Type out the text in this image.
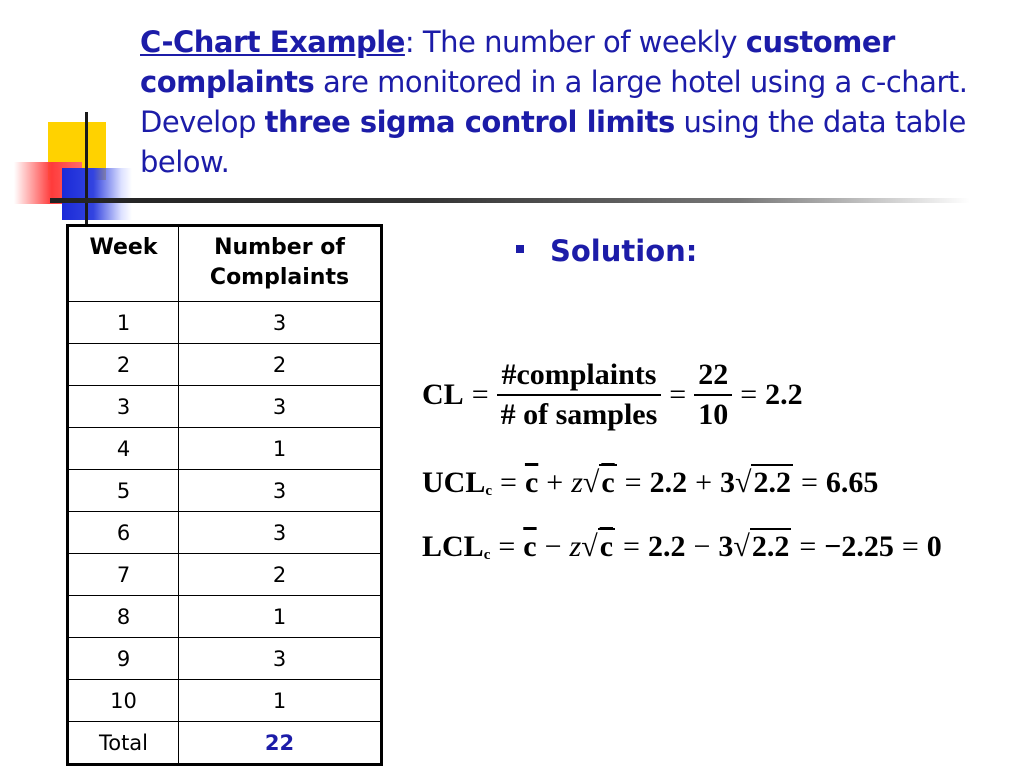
C-Chart Example: The number of weekly customer complaints are monitored in a large hotel using a c-chart. Develop three sigma control limits using the data table below.
Week	Number of Complaints
1	3
2	2
3	3
4	1
5	3
6	3
7	2
8	1
9	3
10	1
Total	22
Solution:
CL = $\frac{\text{\#complaints}}{\text{\# of samples}} = \frac{22}{10} = 2.2$
$UCL_c = \overline{c} + z√c = 2.2 + 3√2.2 = 6.65$
$LCL_c = \overline{c} - z√c = 2.2 - 3√2.2 = -2.25 = 0$
